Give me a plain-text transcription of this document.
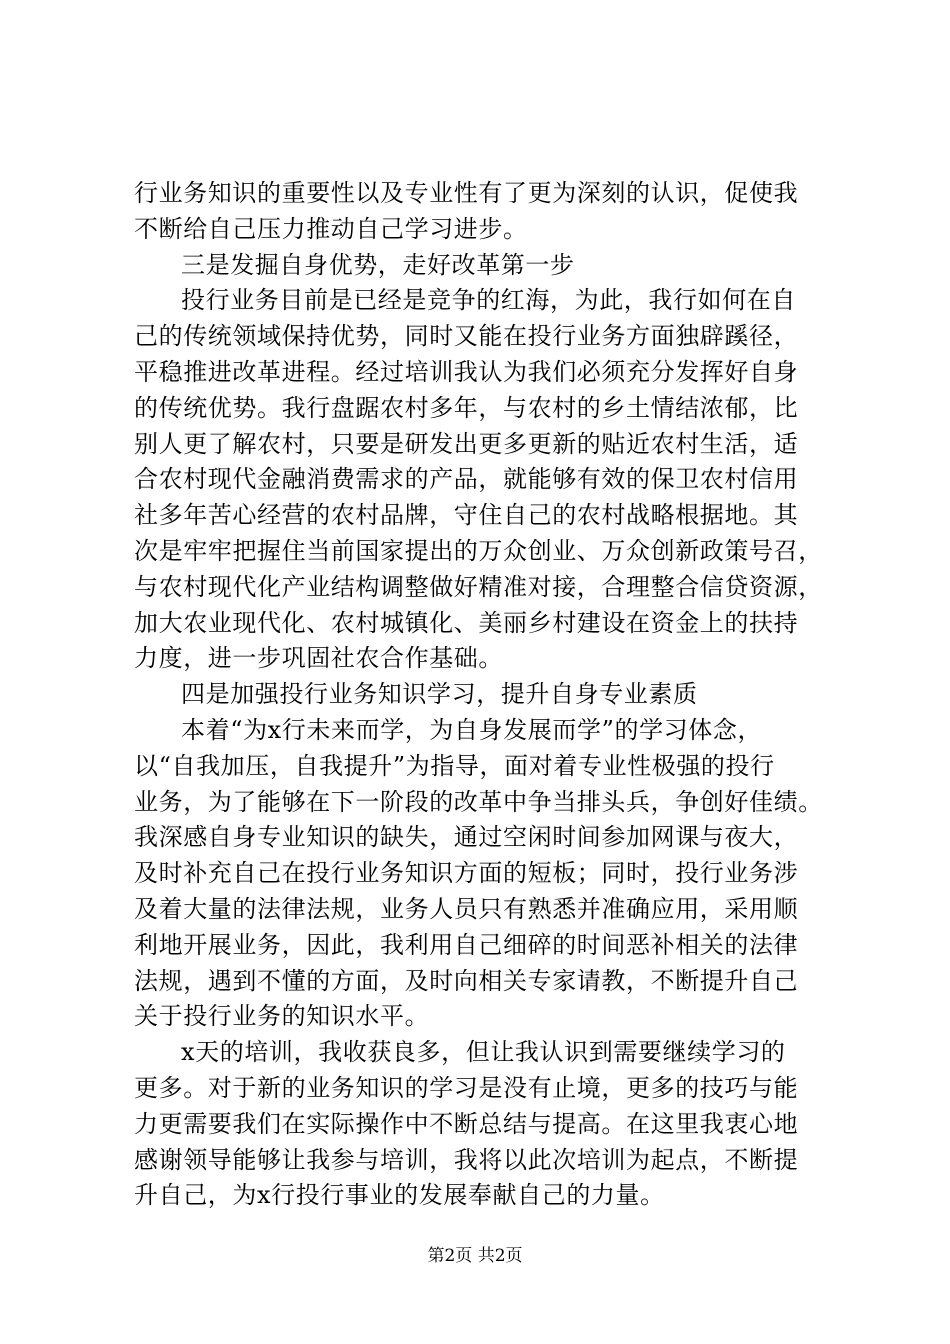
行业务知识的重要性以及专业性有了更为深刻的认识，促使我
不断给自己压力推动自己学习进步。
三是发掘自身优势，走好改革第一步
投行业务目前是已经是竞争的红海，为此，我行如何在自
己的传统领域保持优势，同时又能在投行业务方面独辟蹊径，
平稳推进改革进程。经过培训我认为我们必须充分发挥好自身
的传统优势。我行盘踞农村多年，与农村的乡土情结浓郁，比
别人更了解农村，只要是研发出更多更新的贴近农村生活，适
合农村现代金融消费需求的产品，就能够有效的保卫农村信用
社多年苦心经营的农村品牌，守住自己的农村战略根据地。其
次是牢牢把握住当前国家提出的万众创业、万众创新政策号召，
与农村现代化产业结构调整做好精准对接，合理整合信贷资源，
加大农业现代化、农村城镇化、美丽乡村建设在资金上的扶持
力度，进一步巩固社农合作基础。
四是加强投行业务知识学习，提升自身专业素质
本着“为x行未来而学，为自身发展而学”的学习体念，
以“自我加压，自我提升”为指导，面对着专业性极强的投行
业务，为了能够在下一阶段的改革中争当排头兵，争创好佳绩。
我深感自身专业知识的缺失，通过空闲时间参加网课与夜大，
及时补充自己在投行业务知识方面的短板；同时，投行业务涉
及着大量的法律法规，业务人员只有熟悉并准确应用，采用顺
利地开展业务，因此，我利用自己细碎的时间恶补相关的法律
法规，遇到不懂的方面，及时向相关专家请教，不断提升自己
关于投行业务的知识水平。
x天的培训，我收获良多，但让我认识到需要继续学习的
更多。对于新的业务知识的学习是没有止境，更多的技巧与能
力更需要我们在实际操作中不断总结与提高。在这里我衷心地
感谢领导能够让我参与培训，我将以此次培训为起点，不断提
升自己，为x行投行事业的发展奉献自己的力量。
第2页 共2页
